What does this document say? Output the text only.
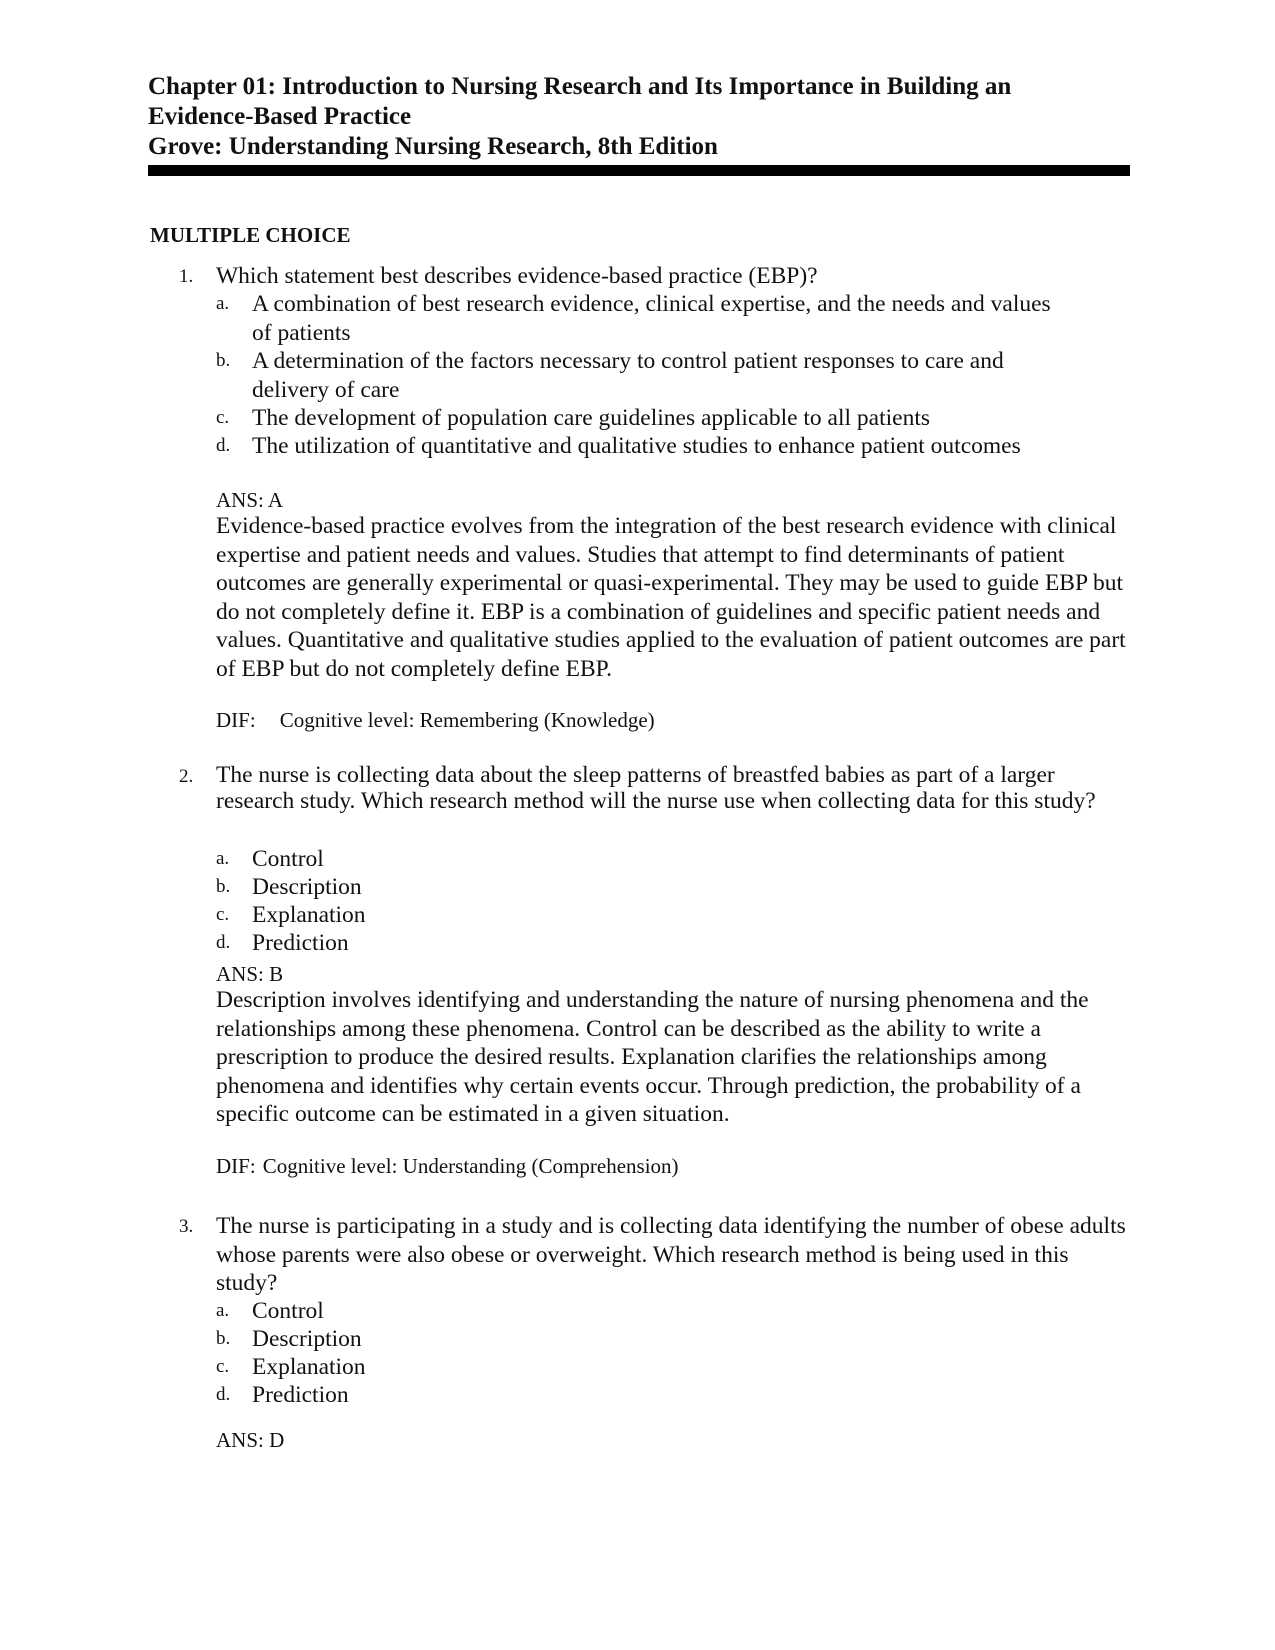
Chapter 01: Introduction to Nursing Research and Its Importance in Building an
Evidence-Based Practice
Grove: Understanding Nursing Research, 8th Edition
MULTIPLE CHOICE
1. Which statement best describes evidence-based practice (EBP)?
a. A combination of best research evidence, clinical expertise, and the needs and values of patients
b. A determination of the factors necessary to control patient responses to care and delivery of care
c. The development of population care guidelines applicable to all patients
d. The utilization of quantitative and qualitative studies to enhance patient outcomes
ANS: A
Evidence-based practice evolves from the integration of the best research evidence with clinical expertise and patient needs and values. Studies that attempt to find determinants of patient outcomes are generally experimental or quasi-experimental. They may be used to guide EBP but do not completely define it. EBP is a combination of guidelines and specific patient needs and values. Quantitative and qualitative studies applied to the evaluation of patient outcomes are part of EBP but do not completely define EBP.
DIF: Cognitive level: Remembering (Knowledge)
2. The nurse is collecting data about the sleep patterns of breastfed babies as part of a larger research study. Which research method will the nurse use when collecting data for this study?
a. Control
b. Description
c. Explanation
d. Prediction
ANS: B
Description involves identifying and understanding the nature of nursing phenomena and the relationships among these phenomena. Control can be described as the ability to write a prescription to produce the desired results. Explanation clarifies the relationships among phenomena and identifies why certain events occur. Through prediction, the probability of a specific outcome can be estimated in a given situation.
DIF: Cognitive level: Understanding (Comprehension)
3. The nurse is participating in a study and is collecting data identifying the number of obese adults whose parents were also obese or overweight. Which research method is being used in this study?
a. Control
b. Description
c. Explanation
d. Prediction
ANS: D
